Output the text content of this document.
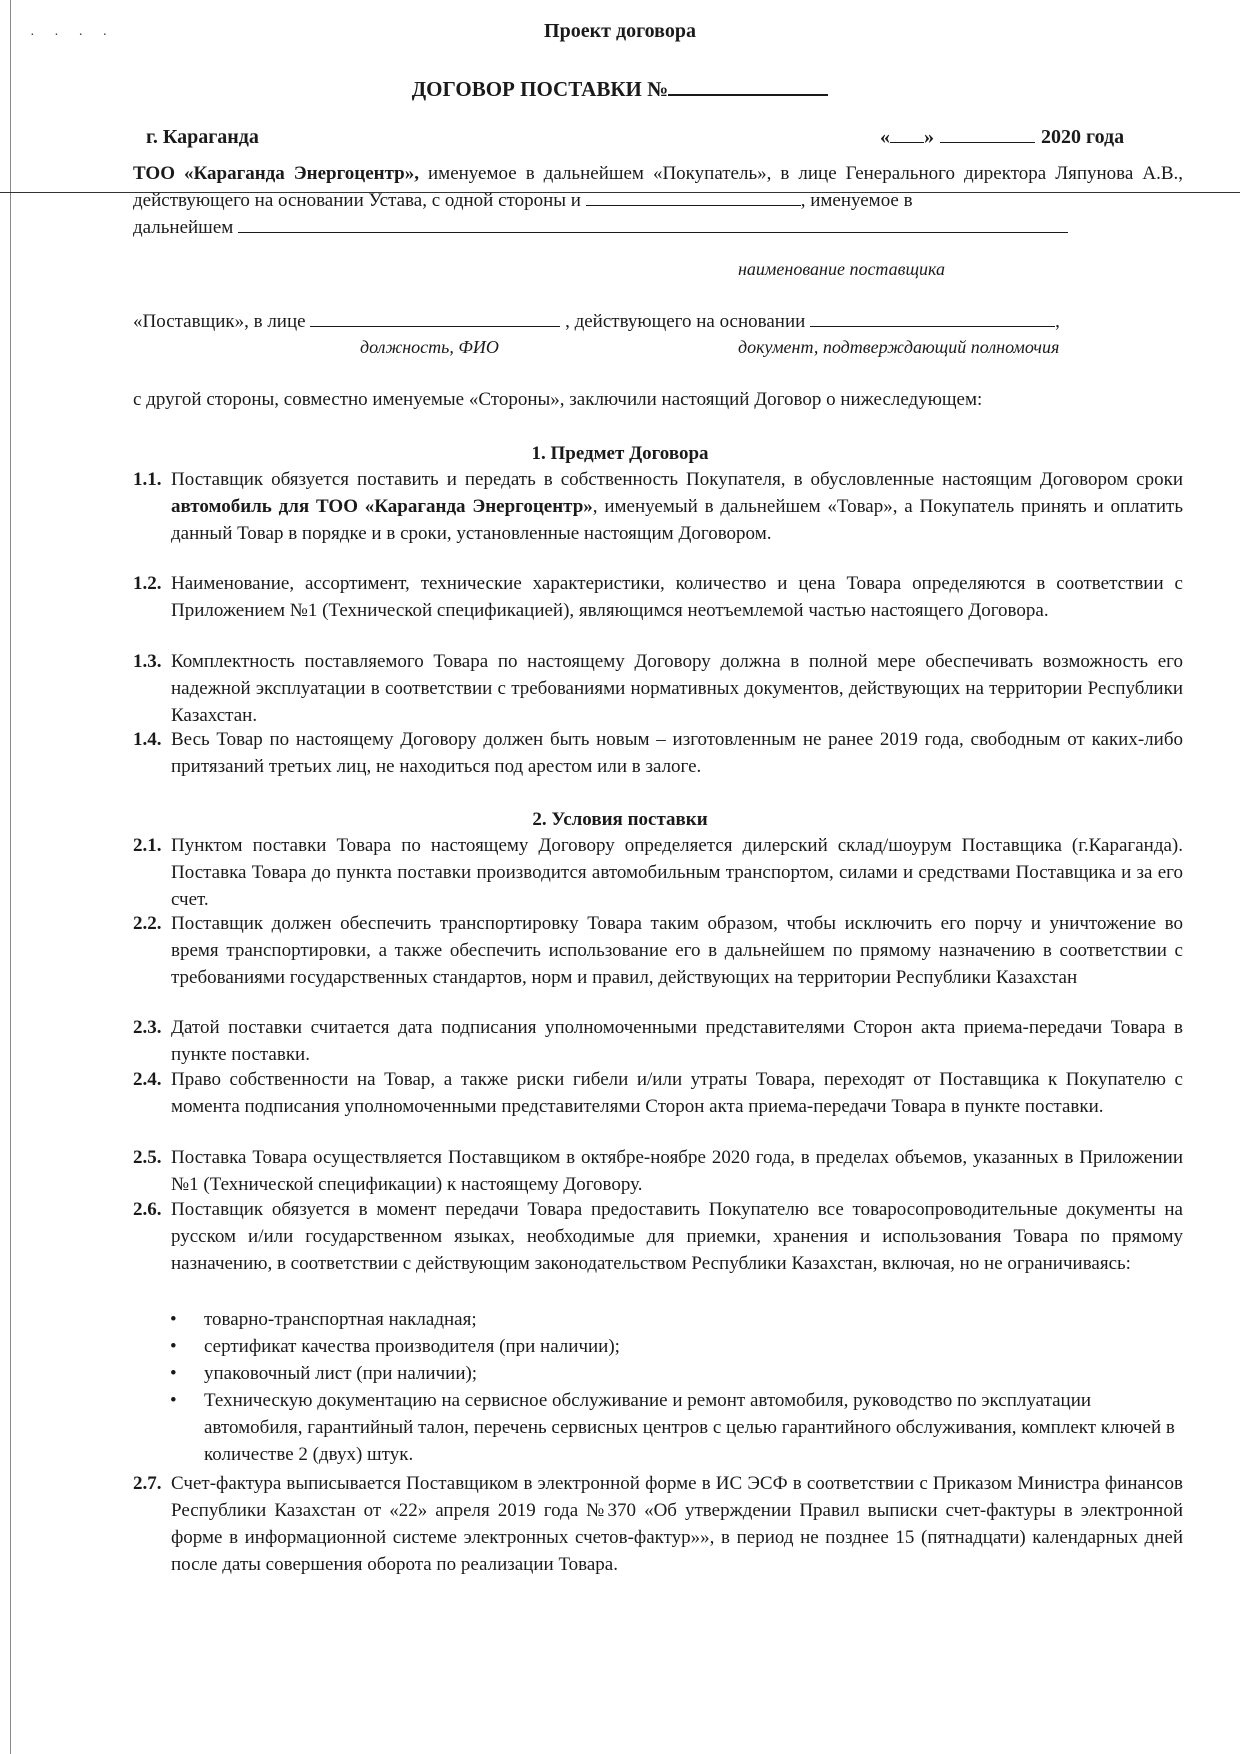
· · · ·	Проект договора
ДОГОВОР ПОСТАВКИ №
г. Караганда	« »	2020 года

ТОО «Караганда Энергоцентр», именуемое в дальнейшем «Покупатель», в лице Генерального директора Ляпунова А.В., действующего на основании Устава, с одной стороны и	, именуемое в

дальнейшем

наименование поставщика

«Поставщик», в лице	, действующего на основании	,

должность, ФИО	документ, подтверждающий полномочия

с другой стороны, совместно именуемые «Стороны», заключили настоящий Договор о нижеследующем:

1. Предмет Договора
1.1. Поставщик обязуется поставить и передать в собственность Покупателя, в обусловленные настоящим Договором сроки автомобиль для ТОО «Караганда Энергоцентр», именуемый в дальнейшем «Товар», а Покупатель принять и оплатить данный Товар в порядке и в сроки, установленные настоящим Договором.
1.2. Наименование, ассортимент, технические характеристики, количество и цена Товара определяются в соответствии с Приложением №1 (Технической спецификацией), являющимся неотъемлемой частью настоящего Договора.
1.3. Комплектность поставляемого Товара по настоящему Договору должна в полной мере обеспечивать возможность его надежной эксплуатации в соответствии с требованиями нормативных документов, действующих на территории Республики Казахстан.
1.4. Весь Товар по настоящему Договору должен быть новым – изготовленным не ранее 2019 года, свободным от каких-либо притязаний третьих лиц, не находиться под арестом или в залоге.
2. Условия поставки
2.1. Пунктом поставки Товара по настоящему Договору определяется дилерский склад/шоурум Поставщика (г.Караганда). Поставка Товара до пункта поставки производится автомобильным транспортом, силами и средствами Поставщика и за его счет.
2.2. Поставщик должен обеспечить транспортировку Товара таким образом, чтобы исключить его порчу и уничтожение во время транспортировки, а также обеспечить использование его в дальнейшем по прямому назначению в соответствии с требованиями государственных стандартов, норм и правил, действующих на территории Республики Казахстан
2.3. Датой поставки считается дата подписания уполномоченными представителями Сторон акта приема-передачи Товара в пункте поставки.
2.4. Право собственности на Товар, а также риски гибели и/или утраты Товара, переходят от Поставщика к Покупателю с момента подписания уполномоченными представителями Сторон акта приема-передачи Товара в пункте поставки.
2.5. Поставка Товара осуществляется Поставщиком в октябре-ноябре 2020 года, в пределах объемов, указанных в Приложении №1 (Технической спецификации) к настоящему Договору.
2.6. Поставщик обязуется в момент передачи Товара предоставить Покупателю все товаросопроводительные документы на русском и/или государственном языках, необходимые для приемки, хранения и использования Товара по прямому назначению, в соответствии с действующим законодательством Республики Казахстан, включая, но не ограничиваясь:
•	товарно-транспортная накладная;
•	сертификат качества производителя (при наличии);
•	упаковочный лист (при наличии);
•	Техническую документацию на сервисное обслуживание и ремонт автомобиля, руководство по эксплуатации автомобиля, гарантийный талон, перечень сервисных центров с целью гарантийного обслуживания, комплект ключей в количестве 2 (двух) штук.
2.7. Счет-фактура выписывается Поставщиком в электронной форме в ИС ЭСФ в соответствии с Приказом Министра финансов Республики Казахстан от «22» апреля 2019 года №370 «Об утверждении Правил выписки счет-фактуры в электронной форме в информационной системе электронных счетов-фактур»», в период не позднее 15 (пятнадцати) календарных дней после даты совершения оборота по реализации Товара.
